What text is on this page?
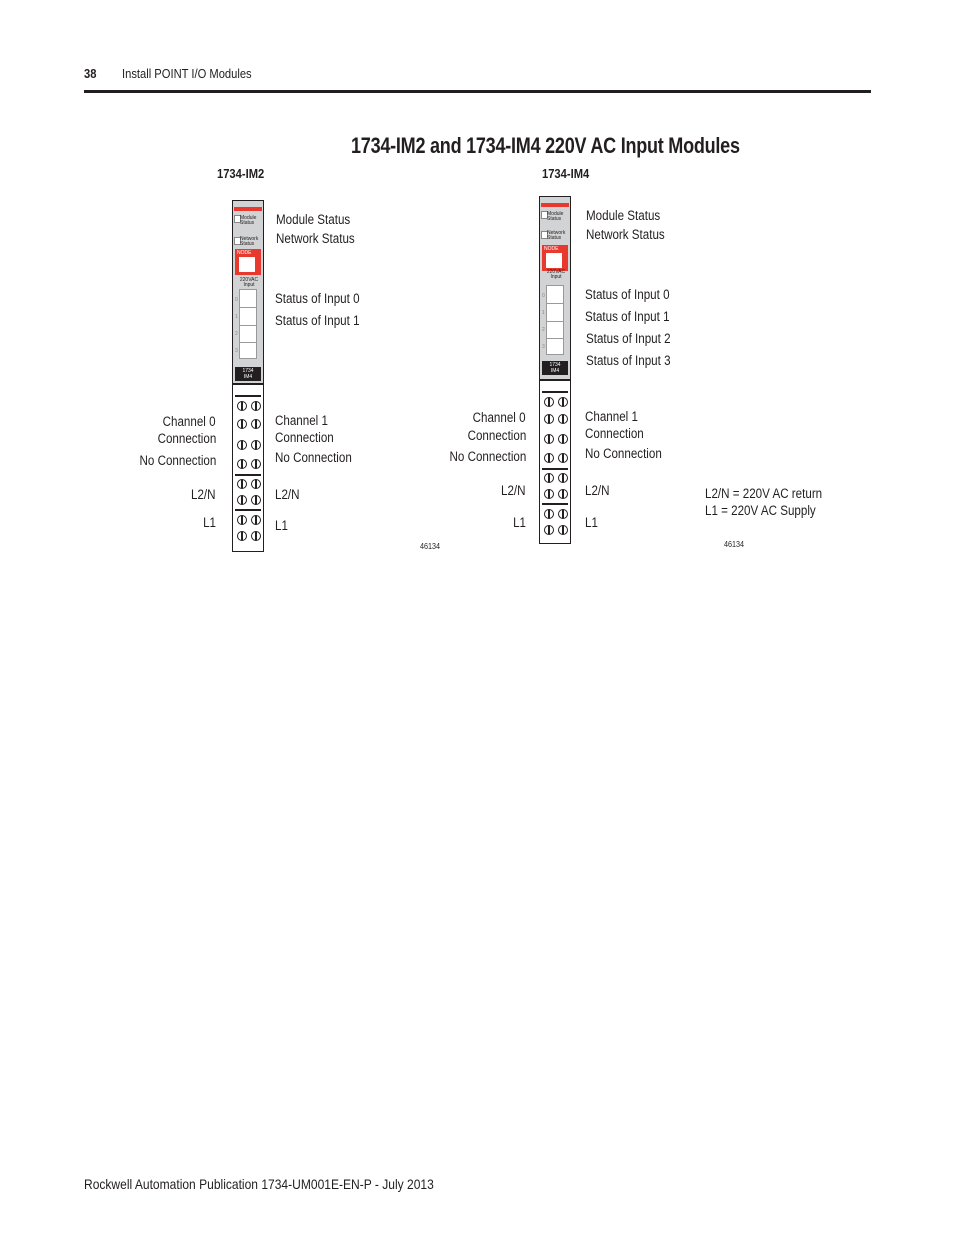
38 Install POINT I/O Modules
1734-IM2 and 1734-IM4 220V AC Input Modules
1734-IM2
Module Status
Network Status
NODE
220VAC Input
0
1
2
3
1734
IM4
Module Status
Network Status
Status of Input 0
Status of Input 1
Channel 1
Connection
No Connection
L2/N
L1
Channel 0
Connection
No Connection
L2/N
L1
46134
1734-IM4
Module Status
Network Status
NODE
220VAC Input
0
1
2
3
1734
IM4
Module Status
Network Status
Status of Input 0
Status of Input 1
Status of Input 2
Status of Input 3
Channel 1
Connection
No Connection
L2/N
L1
Channel 0
Connection
No Connection
L2/N
L1
46134
L2/N = 220V AC return
L1 = 220V AC Supply
Rockwell Automation Publication 1734-UM001E-EN-P - July 2013
